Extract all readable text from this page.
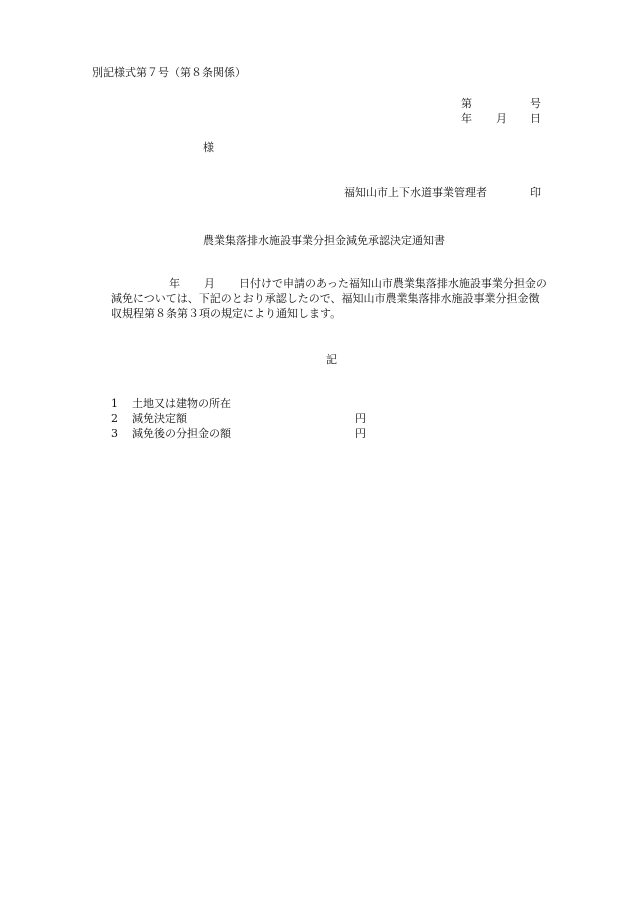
別記様式第７号（第８条関係）
第	号
年 月 日
様
福知山市上下水道事業管理者	印
農業集落排水施設事業分担金減免承認決定通知書
年 月 日付けで申請のあった福知山市農業集落排水施設事業分担金の
減免については、下記のとおり承認したので、福知山市農業集落排水施設事業分担金徴
収規程第８条第３項の規定により通知します。
記
1 土地又は建物の所在
2 減免決定額	円
3 減免後の分担金の額	円
